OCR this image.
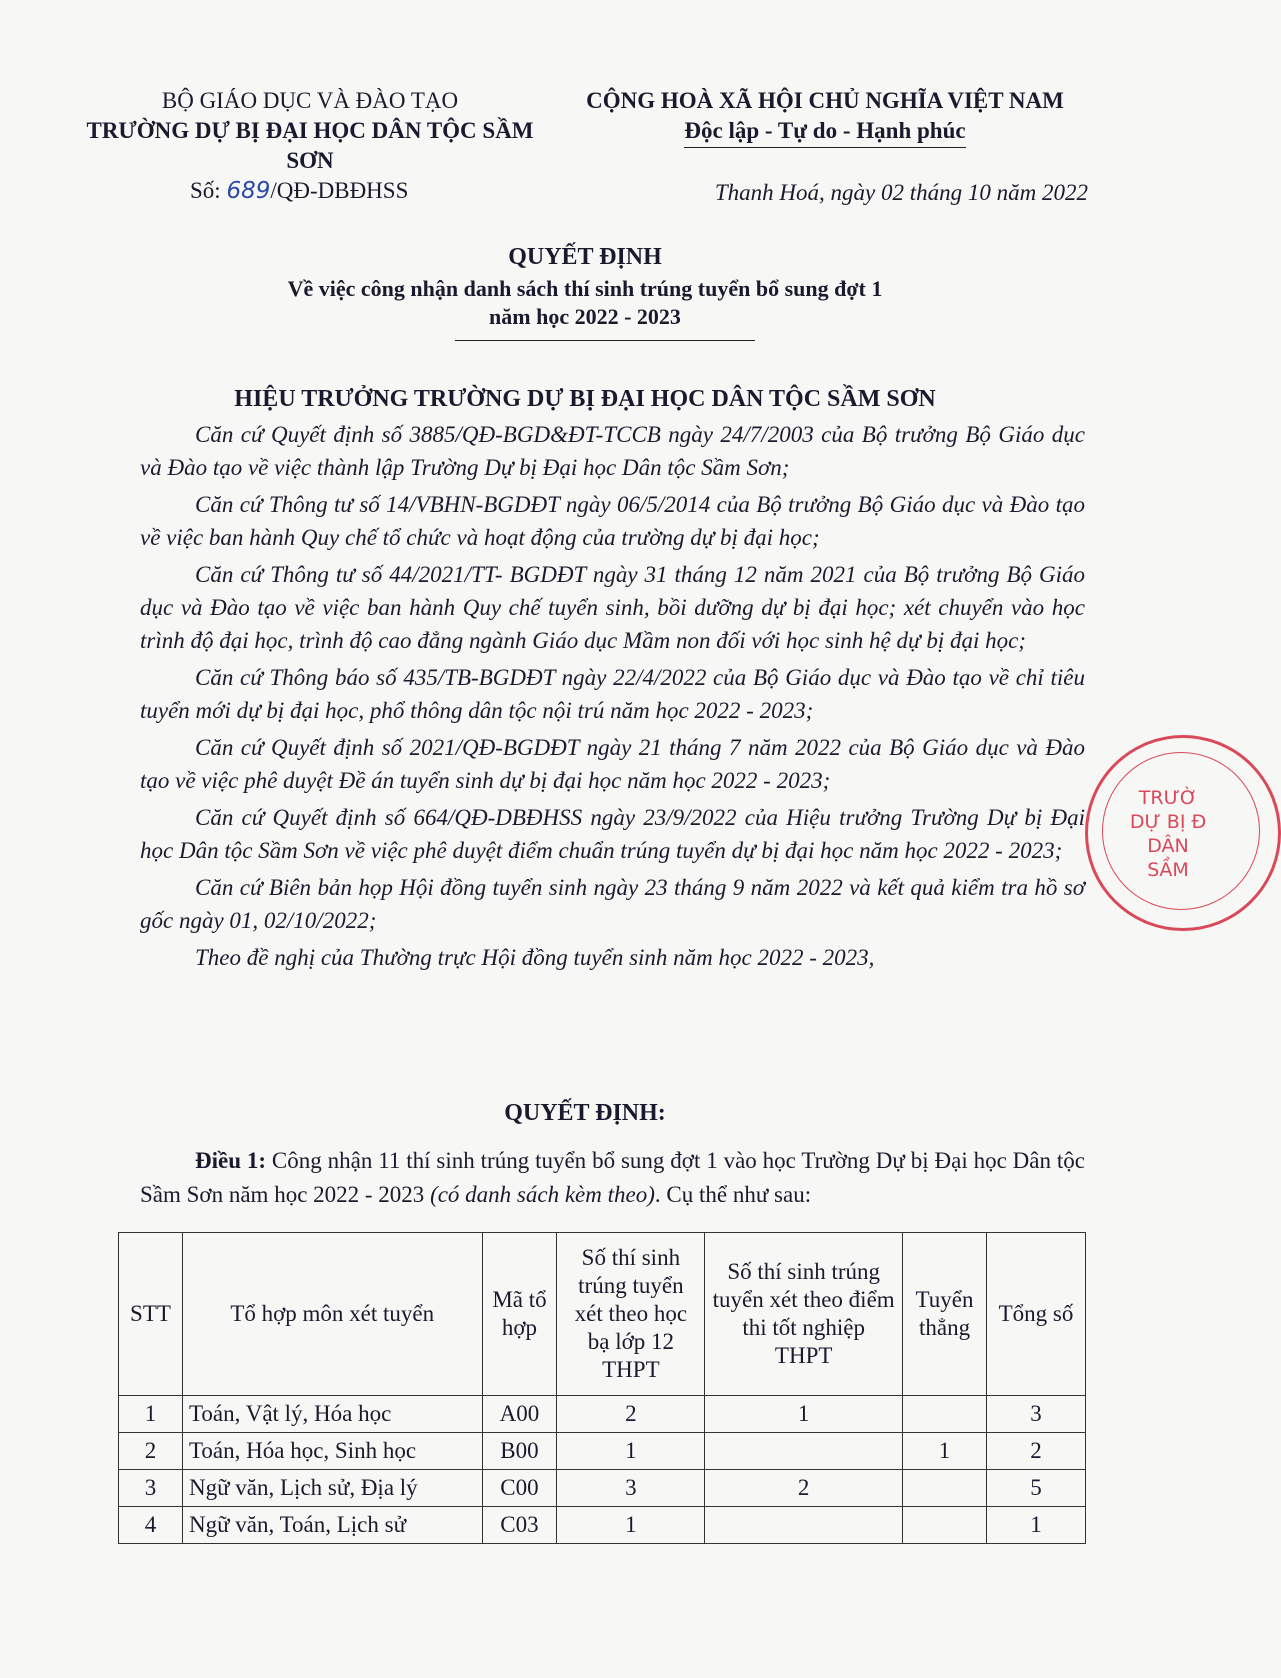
BỘ GIÁO DỤC VÀ ĐÀO TẠO
TRƯỜNG DỰ BỊ ĐẠI HỌC DÂN TỘC SẦM SƠN
CỘNG HOÀ XÃ HỘI CHỦ NGHĨA VIỆT NAM
Độc lập - Tự do - Hạnh phúc
Số: 689/QĐ-DBĐHSS	Thanh Hoá, ngày 02 tháng 10 năm 2022
QUYẾT ĐỊNH
Về việc công nhận danh sách thí sinh trúng tuyển bổ sung đợt 1
năm học 2022 - 2023
HIỆU TRƯỞNG TRƯỜNG DỰ BỊ ĐẠI HỌC DÂN TỘC SẦM SƠN

Căn cứ Quyết định số 3885/QĐ-BGD&ĐT-TCCB ngày 24/7/2003 của Bộ trưởng Bộ Giáo dục và Đào tạo về việc thành lập Trường Dự bị Đại học Dân tộc Sầm Sơn;

Căn cứ Thông tư số 14/VBHN-BGDĐT ngày 06/5/2014 của Bộ trưởng Bộ Giáo dục và Đào tạo về việc ban hành Quy chế tổ chức và hoạt động của trường dự bị đại học;

Căn cứ Thông tư số 44/2021/TT- BGDĐT ngày 31 tháng 12 năm 2021 của Bộ trưởng Bộ Giáo dục và Đào tạo về việc ban hành Quy chế tuyển sinh, bồi dưỡng dự bị đại học; xét chuyển vào học trình độ đại học, trình độ cao đẳng ngành Giáo dục Mầm non đối với học sinh hệ dự bị đại học;

Căn cứ Thông báo số 435/TB-BGDĐT ngày 22/4/2022 của Bộ Giáo dục và Đào tạo về chỉ tiêu tuyển mới dự bị đại học, phổ thông dân tộc nội trú năm học 2022 - 2023;

Căn cứ Quyết định số 2021/QĐ-BGDĐT ngày 21 tháng 7 năm 2022 của Bộ Giáo dục và Đào tạo về việc phê duyệt Đề án tuyển sinh dự bị đại học năm học 2022 - 2023;

Căn cứ Quyết định số 664/QĐ-DBĐHSS ngày 23/9/2022 của Hiệu trưởng Trường Dự bị Đại học Dân tộc Sầm Sơn về việc phê duyệt điểm chuẩn trúng tuyển dự bị đại học năm học 2022 - 2023;

Căn cứ Biên bản họp Hội đồng tuyển sinh ngày 23 tháng 9 năm 2022 và kết quả kiểm tra hồ sơ gốc ngày 01, 02/10/2022;

Theo đề nghị của Thường trực Hội đồng tuyển sinh năm học 2022 - 2023,

QUYẾT ĐỊNH:
Điều 1: Công nhận 11 thí sinh trúng tuyển bổ sung đợt 1 vào học Trường Dự bị Đại học Dân tộc Sầm Sơn năm học 2022 - 2023 (có danh sách kèm theo). Cụ thể như sau:
STT	Tổ hợp môn xét tuyển	Mã tổ hợp	Số thí sinh trúng tuyển xét theo học bạ lớp 12 THPT	Số thí sinh trúng tuyển xét theo điểm thi tốt nghiệp THPT	Tuyển thẳng	Tổng số
1	Toán, Vật lý, Hóa học	A00	2	1		3
2	Toán, Hóa học, Sinh học	B00	1		1	2
3	Ngữ văn, Lịch sử, Địa lý	C00	3	2		5
4	Ngữ văn, Toán, Lịch sử	C03	1			1
TRƯỜ
DỰ BỊ Đ
DÂN
SẦM
